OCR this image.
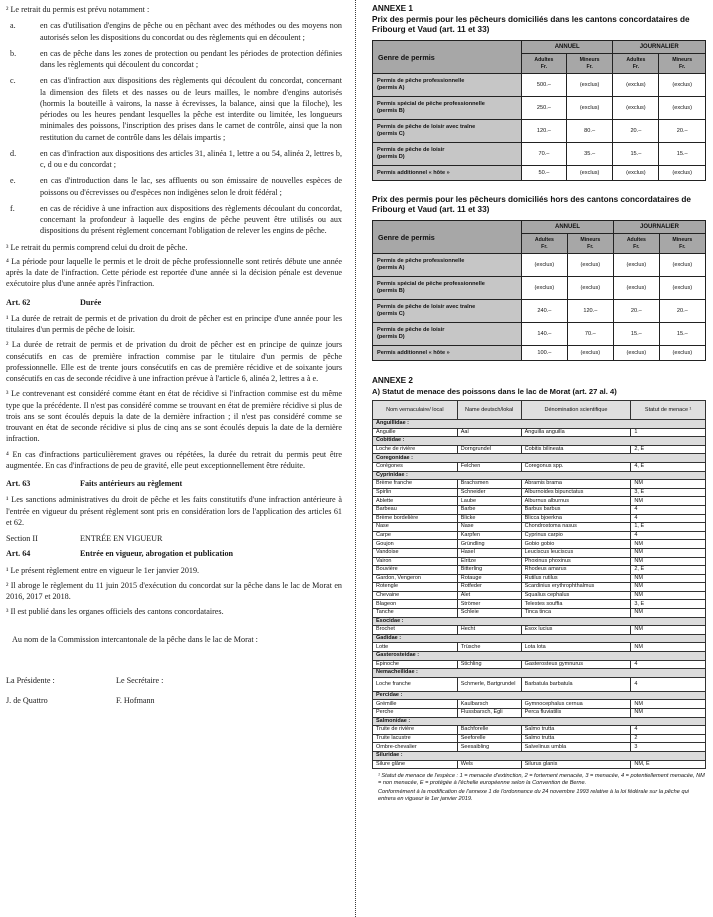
² Le retrait du permis est prévu notamment :

a.	en cas d'utilisation d'engins de pêche ou en pêchant avec des méthodes ou des moyens non autorisés selon les dispositions du concordat ou des règlements qui en découlent ;
b.	en cas de pêche dans les zones de protection ou pendant les périodes de protection définies dans les règlements qui découlent du concordat ;
c.	en cas d'infraction aux dispositions des règlements qui découlent du concordat, concernant la dimension des filets et des nasses ou de leurs mailles, le nombre d'engins autorisés (hormis la bouteille à vairons, la nasse à écrevisses, la balance, ainsi que la filoche), les périodes ou les heures pendant lesquelles la pêche est interdite ou limitée, les longueurs minimales des poissons, l'inscription des prises dans le carnet de contrôle, ainsi que la non restitution du carnet de contrôle dans les délais impartis ;
d.	en cas d'infraction aux dispositions des articles 31, alinéa 1, lettre a ou 54, alinéa 2, lettres b, c, d ou e du concordat ;
e.	en cas d'introduction dans le lac, ses affluents ou son émissaire de nouvelles espèces de poissons ou d'écrevisses ou d'espèces non indigènes selon le droit fédéral ;
f.	en cas de récidive à une infraction aux dispositions des règlements découlant du concordat, concernant la profondeur à laquelle des engins de pêche peuvent être utilisés ou aux dispositions du présent règlement concernant l'obligation de relever les engins de pêche.

³ Le retrait du permis comprend celui du droit de pêche.

⁴ La période pour laquelle le permis et le droit de pêche professionnelle sont retirés débute une année après la date de l'infraction. Cette période est reportée d'une année si la décision pénale est devenue exécutoire plus d'une année après l'infraction.

Art. 62	Durée

¹ La durée de retrait de permis et de privation du droit de pêcher est en principe d'une année pour les titulaires d'un permis de pêche de loisir.

² La durée de retrait de permis et de privation du droit de pêcher est en principe de quinze jours consécutifs en cas de première infraction commise par le titulaire d'un permis de pêche professionnelle. Elle est de trente jours consécutifs en cas de première récidive et de soixante jours consécutifs en cas de seconde récidive à une infraction prévue à l'article 6, alinéa 2, lettres a à e.

³ Le contrevenant est considéré comme étant en état de récidive si l'infraction commise est du même type que la précédente. Il n'est pas considéré comme se trouvant en état de première récidive si plus de trois ans se sont écoulés depuis la date de la dernière infraction ; il n'est pas considéré comme se trouvant en état de seconde récidive si plus de cinq ans se sont écoulés depuis la date de la dernière infraction.

⁴ En cas d'infractions particulièrement graves ou répétées, la durée du retrait du permis peut être augmentée. En cas d'infractions de peu de gravité, elle peut exceptionnellement être réduite.

Art. 63	Faits antérieurs au règlement

¹ Les sanctions administratives du droit de pêche et les faits constitutifs d'une infraction antérieure à l'entrée en vigueur du présent règlement sont pris en considération lors de l'application des articles 61 et 62.

Section II	ENTRÉE EN VIGUEUR
Art. 64	Entrée en vigueur, abrogation et publication

¹ Le présent règlement entre en vigueur le 1er janvier 2019.

² Il abroge le règlement du 11 juin 2015 d'exécution du concordat sur la pêche dans le lac de Morat en 2016, 2017 et 2018.

³ Il est publié dans les organes officiels des cantons concordataires.

Au nom de la Commission intercantonale de la pêche dans le lac de Morat :

La Présidente :	Le Secrétaire :
J. de Quattro	F. Hofmann
ANNEXE 1
Prix des permis pour les pêcheurs domiciliés dans les cantons concordataires de Fribourg et Vaud (art. 11 et 33)
Genre de permis	ANNUEL		JOURNALIER	
	Adultes
Fr.	Mineurs
Fr.	Adultes
Fr.	Mineurs
Fr.
Permis de pêche professionnelle
(permis A)	500.–	(exclus)	(exclus)	(exclus)
Permis spécial de pêche professionnelle
(permis B)	250.–	(exclus)	(exclus)	(exclus)
Permis de pêche de loisir avec traîne
(permis C)	120.–	80.–	20.–	20.–
Permis de pêche de loisir
(permis D)	70.–	35.–	15.–	15.–
Permis additionnel « hôte »	50.–	(exclus)	(exclus)	(exclus)
Prix des permis pour les pêcheurs domiciliés hors des cantons concordataires de Fribourg et Vaud (art. 11 et 33)
Genre de permis	ANNUEL		JOURNALIER	
	Adultes
Fr.	Mineurs
Fr.	Adultes
Fr.	Mineurs
Fr.
Permis de pêche professionnelle
(permis A)	(exclus)	(exclus)	(exclus)	(exclus)
Permis spécial de pêche professionnelle
(permis B)	(exclus)	(exclus)	(exclus)	(exclus)
Permis de pêche de loisir avec traîne
(permis C)	240.–	120.–	20.–	20.–
Permis de pêche de loisir
(permis D)	140.–	70.–	15.–	15.–
Permis additionnel « hôte »	100.–	(exclus)	(exclus)	(exclus)
ANNEXE 2
A) Statut de menace des poissons dans le lac de Morat (art. 27 al. 4)
Nom vernaculaire/ local	Name deutsch/lokal	Dénomination scientifique	Statut de menace ¹
Anguillidae :			
Anguille	Aal	Anguilla anguilla	1
Cobitidae :			
Loche de rivière	Dorngrundel	Cobitis bilineata	2, E
Coregonidae :			
Corégones	Felchen	Coregonus spp.	4, E
Cyprinidae :			
Brème franche	Brachsmen	Abramis brama	NM
Spirlin	Schneider	Alburnoides bipunctatus	3, E
Ablette	Laube	Alburnus alburnus	NM
Barbeau	Barbe	Barbus barbus	4
Brème bordelière	Blicke	Blicca bjoerkna	4
Nase	Nase	Chondrostoma nasus	1, E
Carpe	Karpfen	Cyprinus carpio	4
Goujon	Gründling	Gobio gobio	NM
Vandoise	Hasel	Leuciscus leuciscus	NM
Vairon	Elritze	Phoxinus phoxinus	NM
Bouvière	Bitterling	Rhodeus amarus	2, E
Gardon, Vengeron	Rotauge	Rutilus rutilus	NM
Rotengle	Rotfeder	Scardinius erythrophthalmus	NM
Chevaine	Alet	Squalius cephalus	NM
Blageon	Strömer	Telestes souffia	3, E
Tanche	Schleie	Tinca tinca	NM
Esocidae :			
Brochet	Hecht	Esox lucius	NM
Gadidae :			
Lotte	Trüsche	Lota lota	NM
Gasterosteidae :			
Epinoche	Stichling	Gasterosteus gymnurus	4
Nemacheilidae :			
Loche franche	Schmerle, Bartgrundel	Barbatula barbatula	4
Percidae :			
Grémille	Kaulbarsch	Gymnocephalus cernua	NM
Perche	Flussbarsch, Egli	Perca fluviatilis	NM
Salmonidae :			
Truite de rivière	Bachforelle	Salmo trutta	4
Truite lacustre	Seeforelle	Salmo trutta	2
Ombre-chevalier	Seesaibling	Salvelinus umbla	3
Siluridae :			
Silure glâne	Wels	Silurus glanis	NM, E
¹ Statut de menace de l'espèce : 1 = menacée d'extinction, 2 = fortement menacée, 3 = menacée, 4 = potentiellement menacée, NM = non menacée, E = protégée à l'échelle européenne selon la Convention de Berne.
Conformément à la modification de l'annexe 1 de l'ordonnance du 24 novembre 1993 relative à la loi fédérale sur la pêche qui entrera en vigueur le 1er janvier 2019.
